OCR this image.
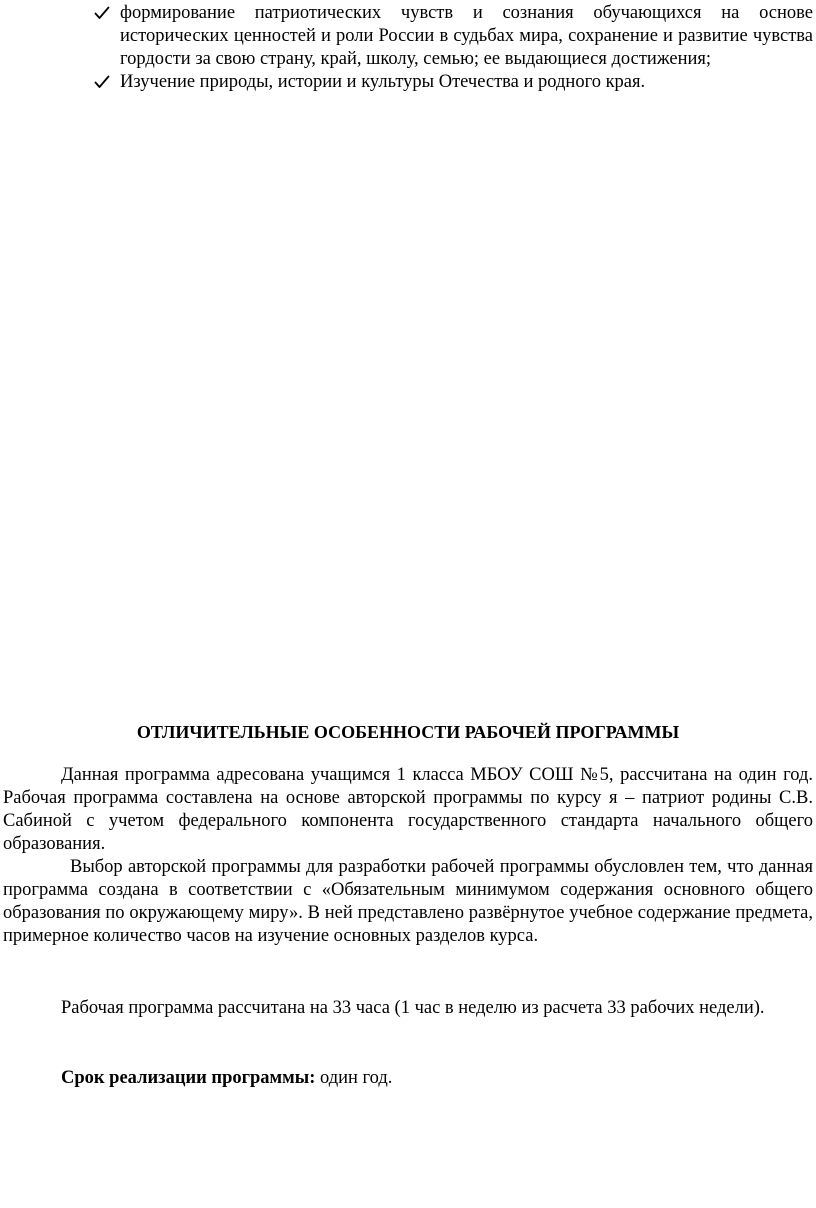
формирование патриотических чувств и сознания обучающихся на основе исторических ценностей и роли России в судьбах мира, сохранение и развитие чувства гордости за свою страну, край, школу, семью; ее выдающиеся достижения;
Изучение природы, истории и культуры Отечества и родного края.
ОТЛИЧИТЕЛЬНЫЕ ОСОБЕННОСТИ РАБОЧЕЙ ПРОГРАММЫ

Данная программа адресована учащимся 1 класса МБОУ СОШ №5, рассчитана на один год. Рабочая программа составлена на основе авторской программы по курсу я – патриот родины С.В. Сабиной с учетом федерального компонента государственного стандарта начального общего образования.

Выбор авторской программы для разработки рабочей программы обусловлен тем, что данная программа создана в соответствии с «Обязательным минимумом содержания основного общего образования по окружающему миру». В ней представлено развёрнутое учебное содержание предмета, примерное количество часов на изучение основных разделов курса.

Рабочая программа рассчитана на 33 часа (1 час в неделю из расчета 33 рабочих недели).

Срок реализации программы: один год.
